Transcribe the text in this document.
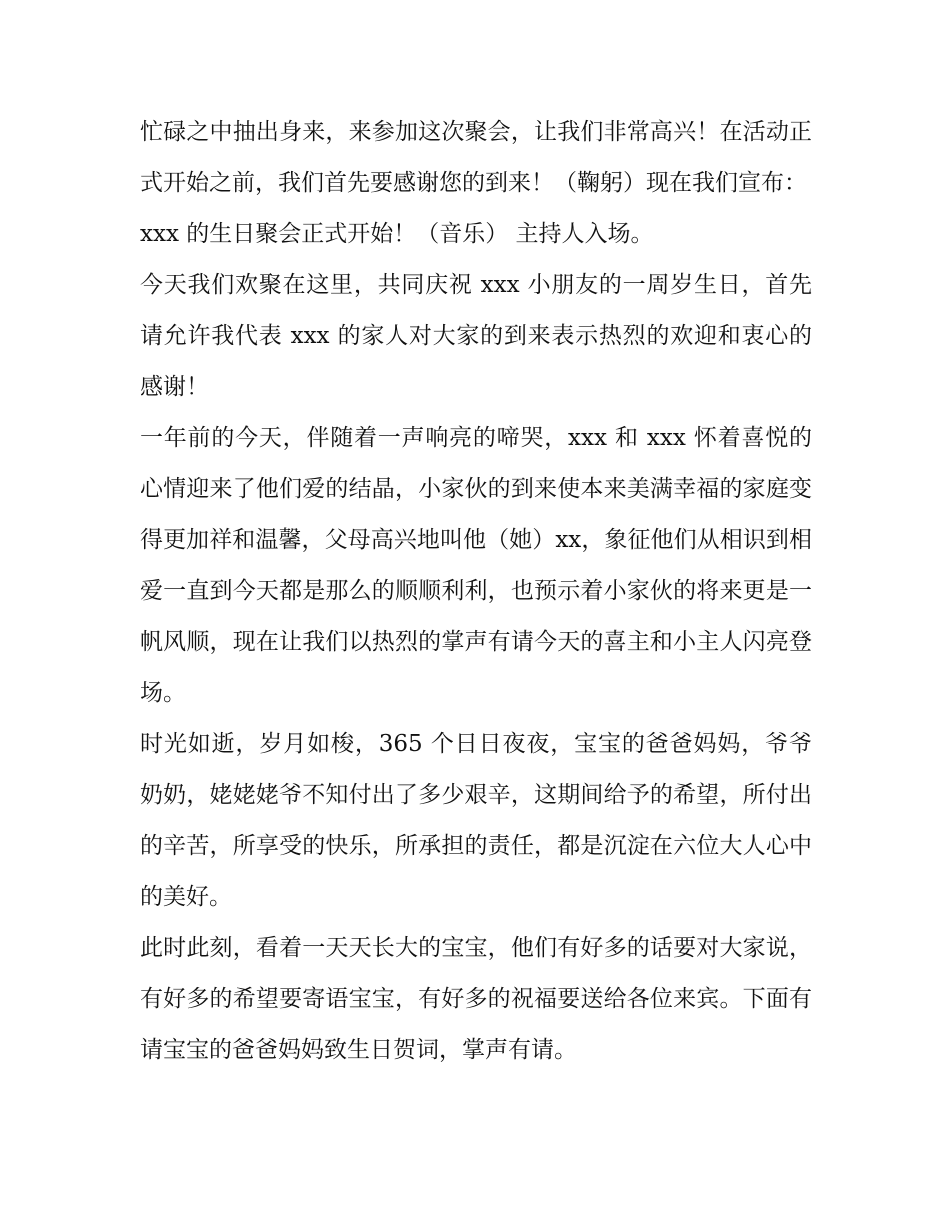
忙碌之中抽出身来，来参加这次聚会，让我们非常高兴！在活动正式开始之前，我们首先要感谢您的到来！（鞠躬）现在我们宣布：

xxx 的生日聚会正式开始！（音乐） 主持人入场。

今天我们欢聚在这里，共同庆祝 xxx 小朋友的一周岁生日，首先请允许我代表 xxx 的家人对大家的到来表示热烈的欢迎和衷心的感谢！

一年前的今天，伴随着一声响亮的啼哭，xxx 和 xxx 怀着喜悦的心情迎来了他们爱的结晶，小家伙的到来使本来美满幸福的家庭变得更加祥和温馨，父母高兴地叫他（她）xx，象征他们从相识到相爱一直到今天都是那么的顺顺利利，也预示着小家伙的将来更是一帆风顺，现在让我们以热烈的掌声有请今天的喜主和小主人闪亮登场。

时光如逝，岁月如梭，365 个日日夜夜，宝宝的爸爸妈妈，爷爷奶奶，姥姥姥爷不知付出了多少艰辛，这期间给予的希望，所付出的辛苦，所享受的快乐，所承担的责任，都是沉淀在六位大人心中的美好。

此时此刻，看着一天天长大的宝宝，他们有好多的话要对大家说，有好多的希望要寄语宝宝，有好多的祝福要送给各位来宾。下面有请宝宝的爸爸妈妈致生日贺词，掌声有请。
